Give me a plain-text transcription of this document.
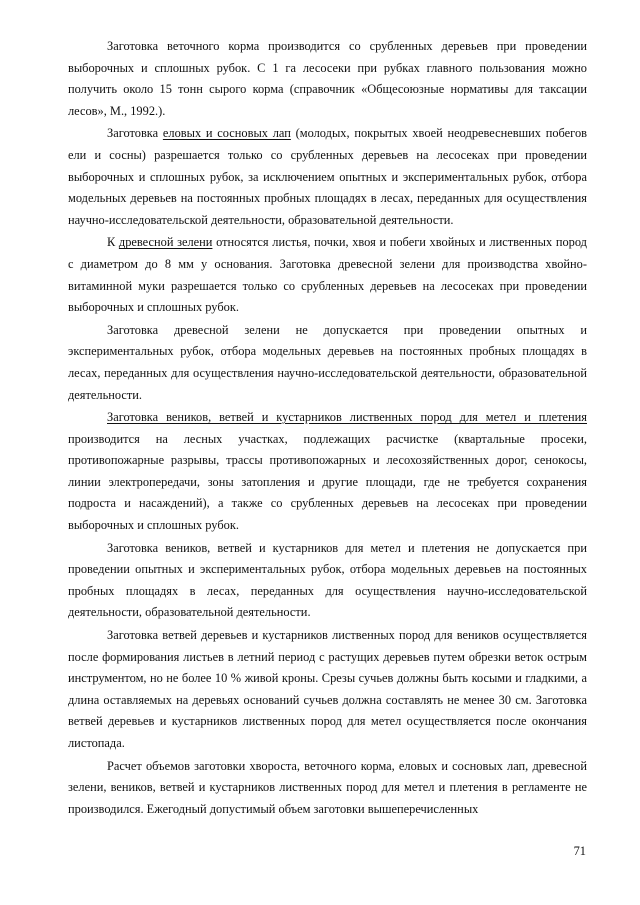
Заготовка веточного корма производится со срубленных деревьев при проведении выборочных и сплошных рубок. С 1 га лесосеки при рубках главного пользования можно получить около 15 тонн сырого корма (справочник «Общесоюзные нормативы для таксации лесов», М., 1992.).

Заготовка еловых и сосновых лап (молодых, покрытых хвоей неодревесневших побегов ели и сосны) разрешается только со срубленных деревьев на лесосеках при проведении выборочных и сплошных рубок, за исключением опытных и экспериментальных рубок, отбора модельных деревьев на постоянных пробных площадях в лесах, переданных для осуществления научно-исследовательской деятельности, образовательной деятельности.

К древесной зелени относятся листья, почки, хвоя и побеги хвойных и лиственных пород с диаметром до 8 мм у основания. Заготовка древесной зелени для производства хвойно-витаминной муки разрешается только со срубленных деревьев на лесосеках при проведении выборочных и сплошных рубок.

Заготовка древесной зелени не допускается при проведении опытных и экспериментальных рубок, отбора модельных деревьев на постоянных пробных площадях в лесах, переданных для осуществления научно-исследовательской деятельности, образовательной деятельности.

Заготовка веников, ветвей и кустарников лиственных пород для метел и плетения производится на лесных участках, подлежащих расчистке (квартальные просеки, противопожарные разрывы, трассы противопожарных и лесохозяйственных дорог, сенокосы, линии электропередачи, зоны затопления и другие площади, где не требуется сохранения подроста и насаждений), а также со срубленных деревьев на лесосеках при проведении выборочных и сплошных рубок.

Заготовка веников, ветвей и кустарников для метел и плетения не допускается при проведении опытных и экспериментальных рубок, отбора модельных деревьев на постоянных пробных площадях в лесах, переданных для осуществления научно-исследовательской деятельности, образовательной деятельности.

Заготовка ветвей деревьев и кустарников лиственных пород для веников осуществляется после формирования листьев в летний период с растущих деревьев путем обрезки веток острым инструментом, но не более 10 % живой кроны. Срезы сучьев должны быть косыми и гладкими, а длина оставляемых на деревьях оснований сучьев должна составлять не менее 30 см. Заготовка ветвей деревьев и кустарников лиственных пород для метел осуществляется после окончания листопада.

Расчет объемов заготовки хвороста, веточного корма, еловых и сосновых лап, древесной зелени, веников, ветвей и кустарников лиственных пород для метел и плетения в регламенте не производился. Ежегодный допустимый объем заготовки вышеперечисленных

71
